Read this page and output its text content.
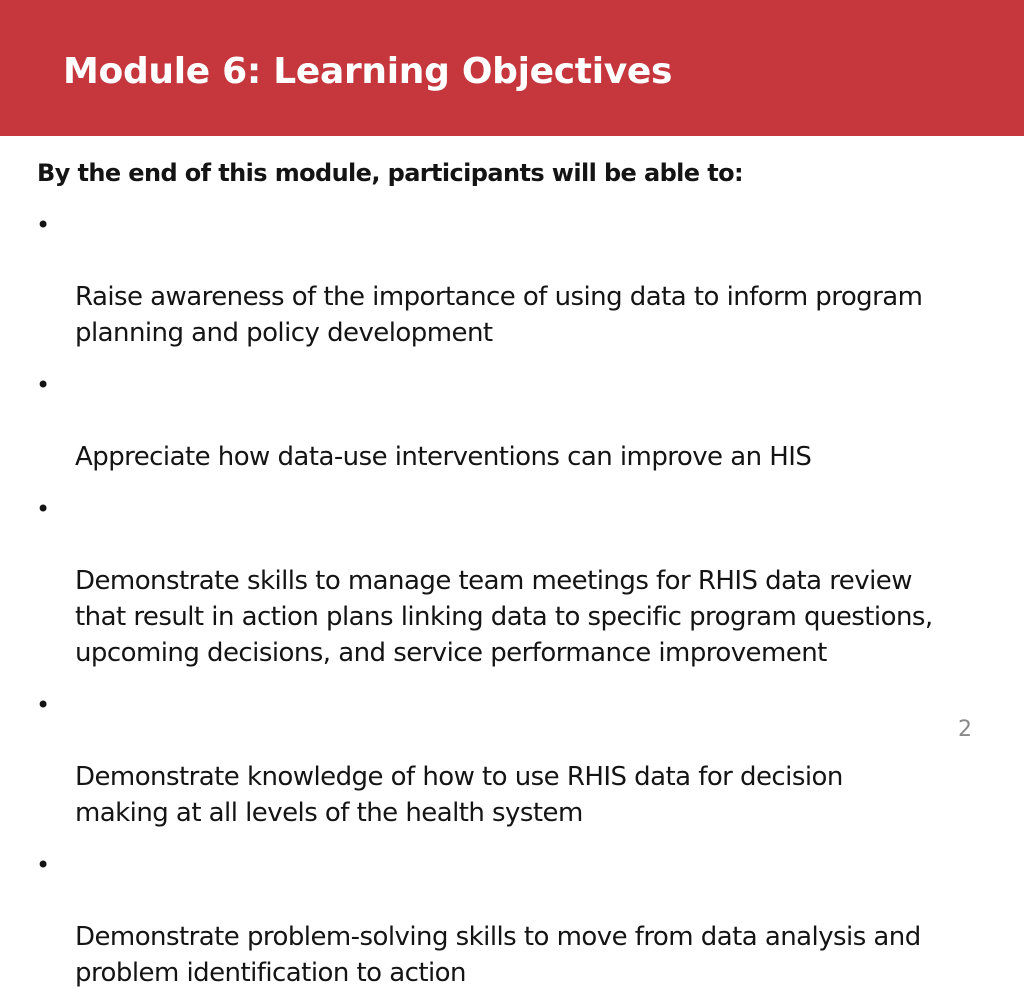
Module 6: Learning Objectives

By the end of this module, participants will be able to:

•

Raise awareness of the importance of using data to inform program
planning and policy development

•

Appreciate how data-use interventions can improve an HIS

•

Demonstrate skills to manage team meetings for RHIS data review
that result in action plans linking data to specific program questions,
upcoming decisions, and service performance improvement

•

Demonstrate knowledge of how to use RHIS data for decision
making at all levels of the health system

•

Demonstrate problem-solving skills to move from data analysis and
problem identification to action

2
